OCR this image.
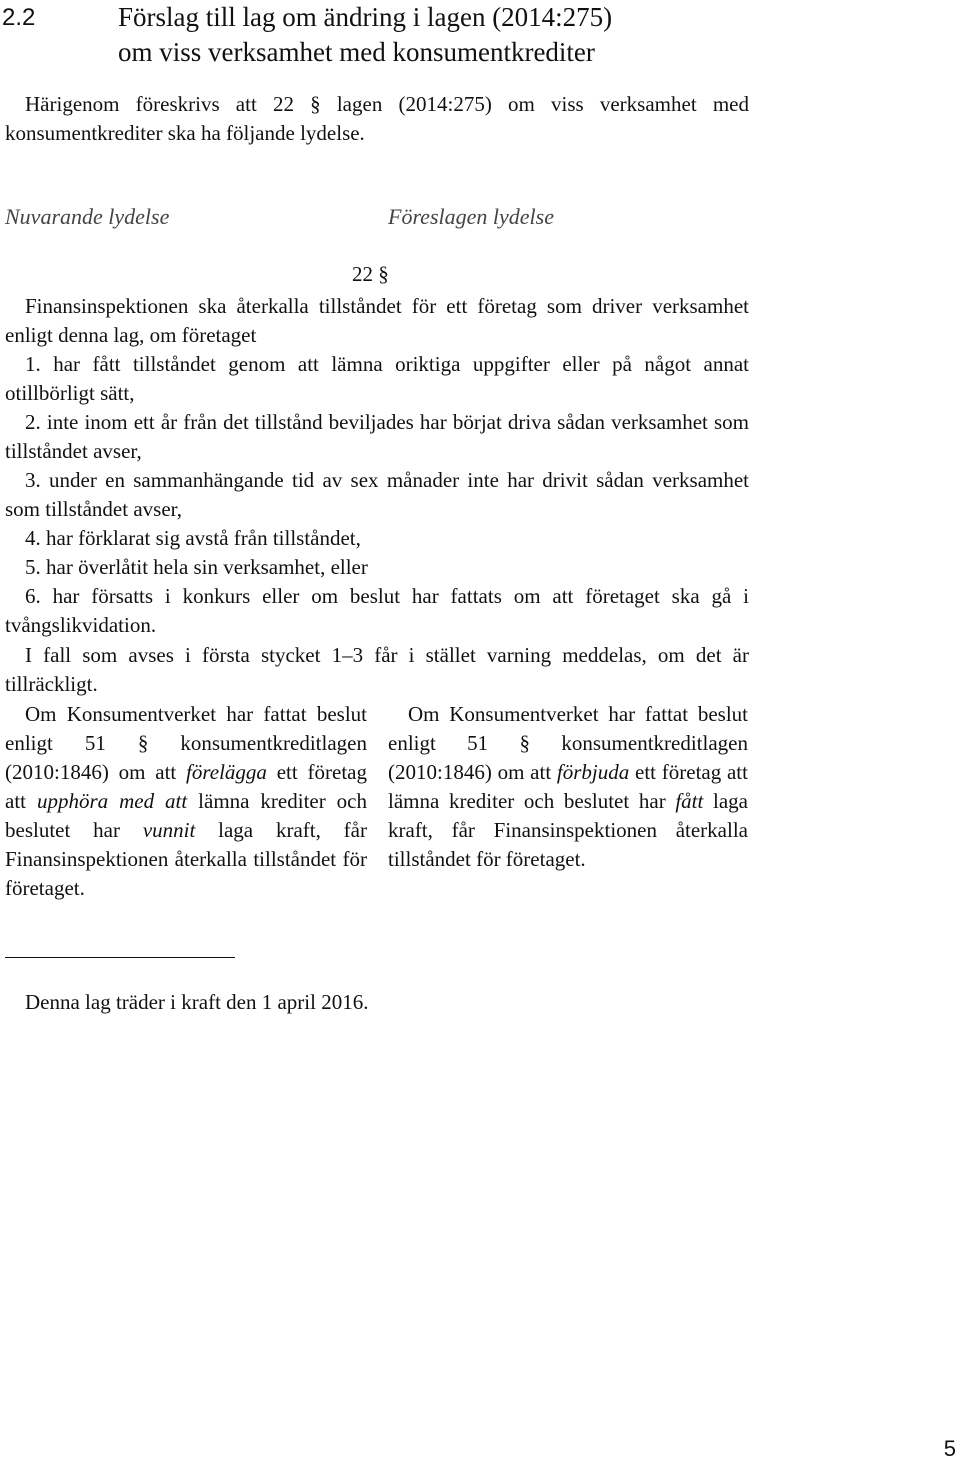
2.2	Förslag till lag om ändring i lagen (2014:275)
om viss verksamhet med konsumentkrediter
Härigenom föreskrivs att 22 § lagen (2014:275) om viss verksamhet med konsumentkrediter ska ha följande lydelse.
Nuvarande lydelse	Föreslagen lydelse
22 §
Finansinspektionen ska återkalla tillståndet för ett företag som driver verksamhet enligt denna lag, om företaget
1. har fått tillståndet genom att lämna oriktiga uppgifter eller på något annat otillbörligt sätt,
2. inte inom ett år från det tillstånd beviljades har börjat driva sådan verksamhet som tillståndet avser,
3. under en sammanhängande tid av sex månader inte har drivit sådan verksamhet som tillståndet avser,
4. har förklarat sig avstå från tillståndet,
5. har överlåtit hela sin verksamhet, eller
6. har försatts i konkurs eller om beslut har fattats om att företaget ska gå i tvångslikvidation.
I fall som avses i första stycket 1–3 får i stället varning meddelas, om det är tillräckligt.
Om Konsumentverket har fattat beslut enligt 51 § konsumentkreditlagen (2010:1846) om att förelägga ett företag att upphöra med att lämna krediter och beslutet har vunnit laga kraft, får Finansinspektionen återkalla tillståndet för företaget.
Om Konsumentverket har fattat beslut enligt 51 § konsumentkreditlagen (2010:1846) om att förbjuda ett företag att lämna krediter och beslutet har fått laga kraft, får Finansinspektionen återkalla tillståndet för företaget.
Denna lag träder i kraft den 1 april 2016.
5
